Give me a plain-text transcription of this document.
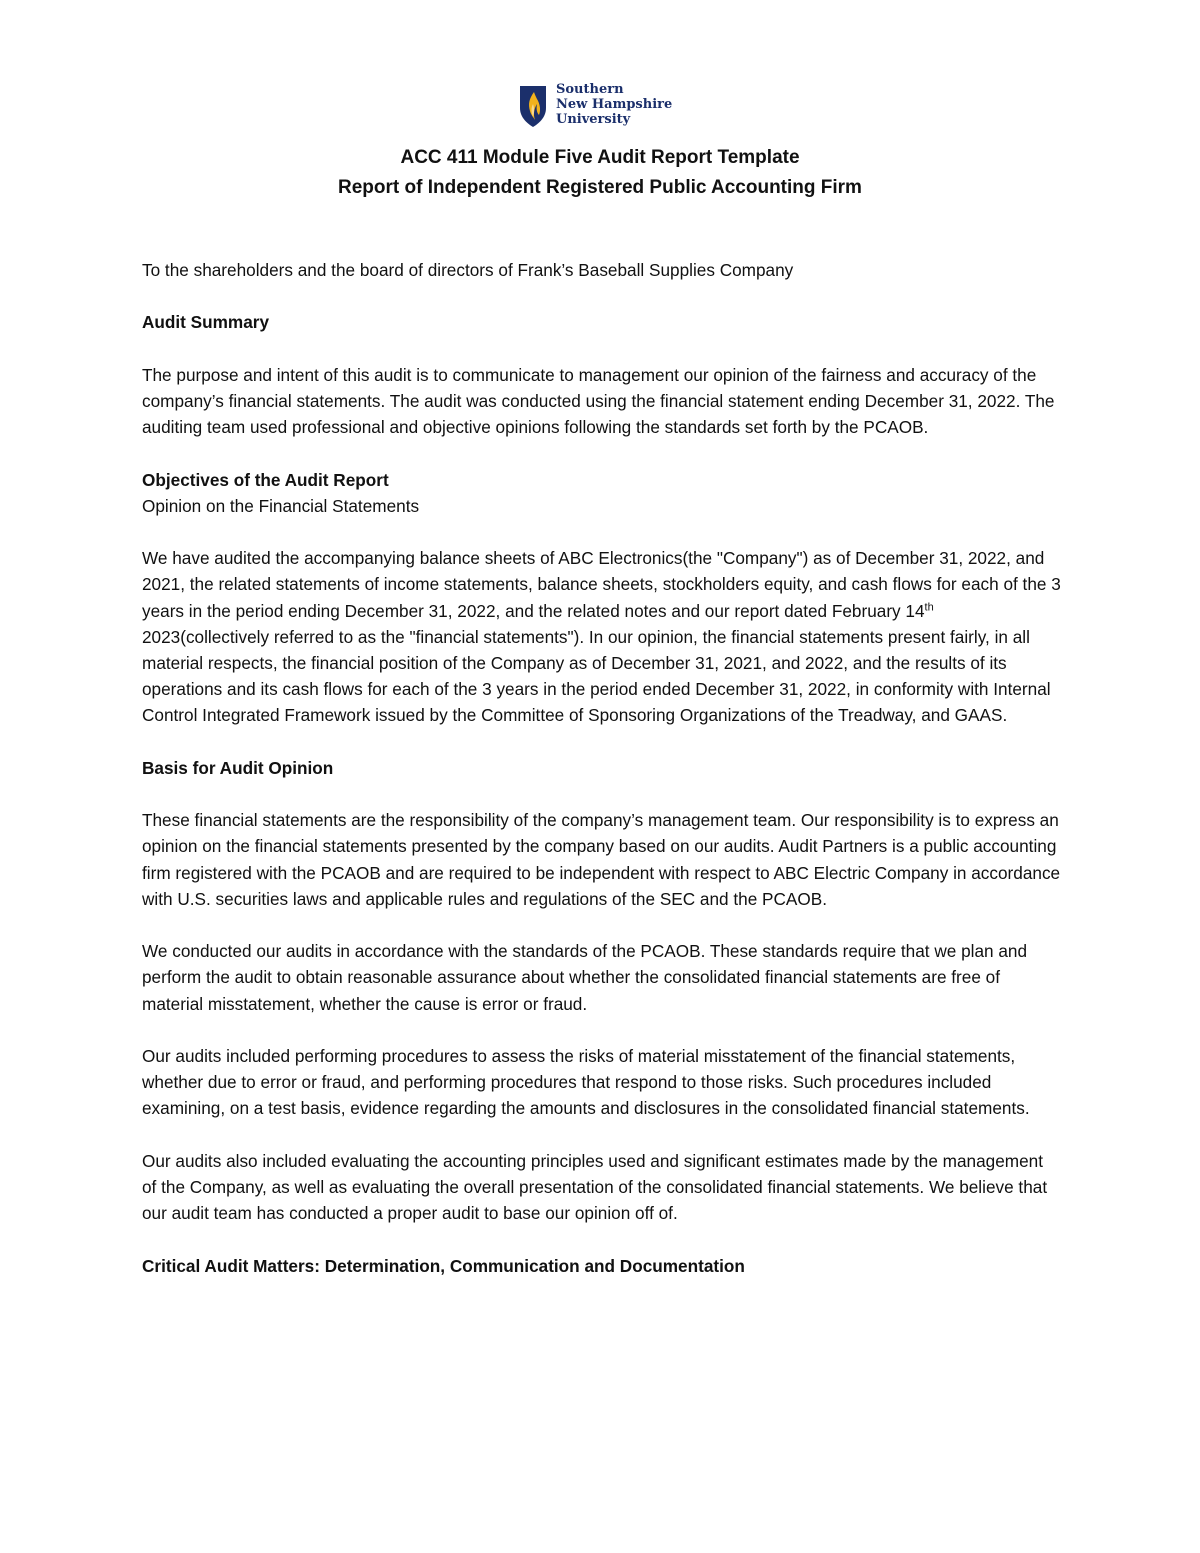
Southern
New Hampshire
University
ACC 411 Module Five Audit Report Template
Report of Independent Registered Public Accounting Firm

To the shareholders and the board of directors of Frank’s Baseball Supplies Company

Audit Summary

The purpose and intent of this audit is to communicate to management our opinion of the fairness and accuracy of the company’s financial statements. The audit was conducted using the financial statement ending December 31, 2022. The auditing team used professional and objective opinions following the standards set forth by the PCAOB.

Objectives of the Audit Report

Opinion on the Financial Statements

We have audited the accompanying balance sheets of ABC Electronics(the "Company") as of December 31, 2022, and 2021, the related statements of income statements, balance sheets, stockholders equity, and cash flows for each of the 3 years in the period ending December 31, 2022, and the related notes and our report dated February 14th 2023(collectively referred to as the "financial statements"). In our opinion, the financial statements present fairly, in all material respects, the financial position of the Company as of December 31, 2021, and 2022, and the results of its operations and its cash flows for each of the 3 years in the period ended December 31, 2022, in conformity with Internal Control Integrated Framework issued by the Committee of Sponsoring Organizations of the Treadway, and GAAS.

Basis for Audit Opinion

These financial statements are the responsibility of the company’s management team. Our responsibility is to express an opinion on the financial statements presented by the company based on our audits. Audit Partners is a public accounting firm registered with the PCAOB and are required to be independent with respect to ABC Electric Company in accordance with U.S. securities laws and applicable rules and regulations of the SEC and the PCAOB.

We conducted our audits in accordance with the standards of the PCAOB. These standards require that we plan and perform the audit to obtain reasonable assurance about whether the consolidated financial statements are free of material misstatement, whether the cause is error or fraud.

Our audits included performing procedures to assess the risks of material misstatement of the financial statements, whether due to error or fraud, and performing procedures that respond to those risks. Such procedures included examining, on a test basis, evidence regarding the amounts and disclosures in the consolidated financial statements.

Our audits also included evaluating the accounting principles used and significant estimates made by the management of the Company, as well as evaluating the overall presentation of the consolidated financial statements. We believe that our audit team has conducted a proper audit to base our opinion off of.

Critical Audit Matters: Determination, Communication and Documentation
